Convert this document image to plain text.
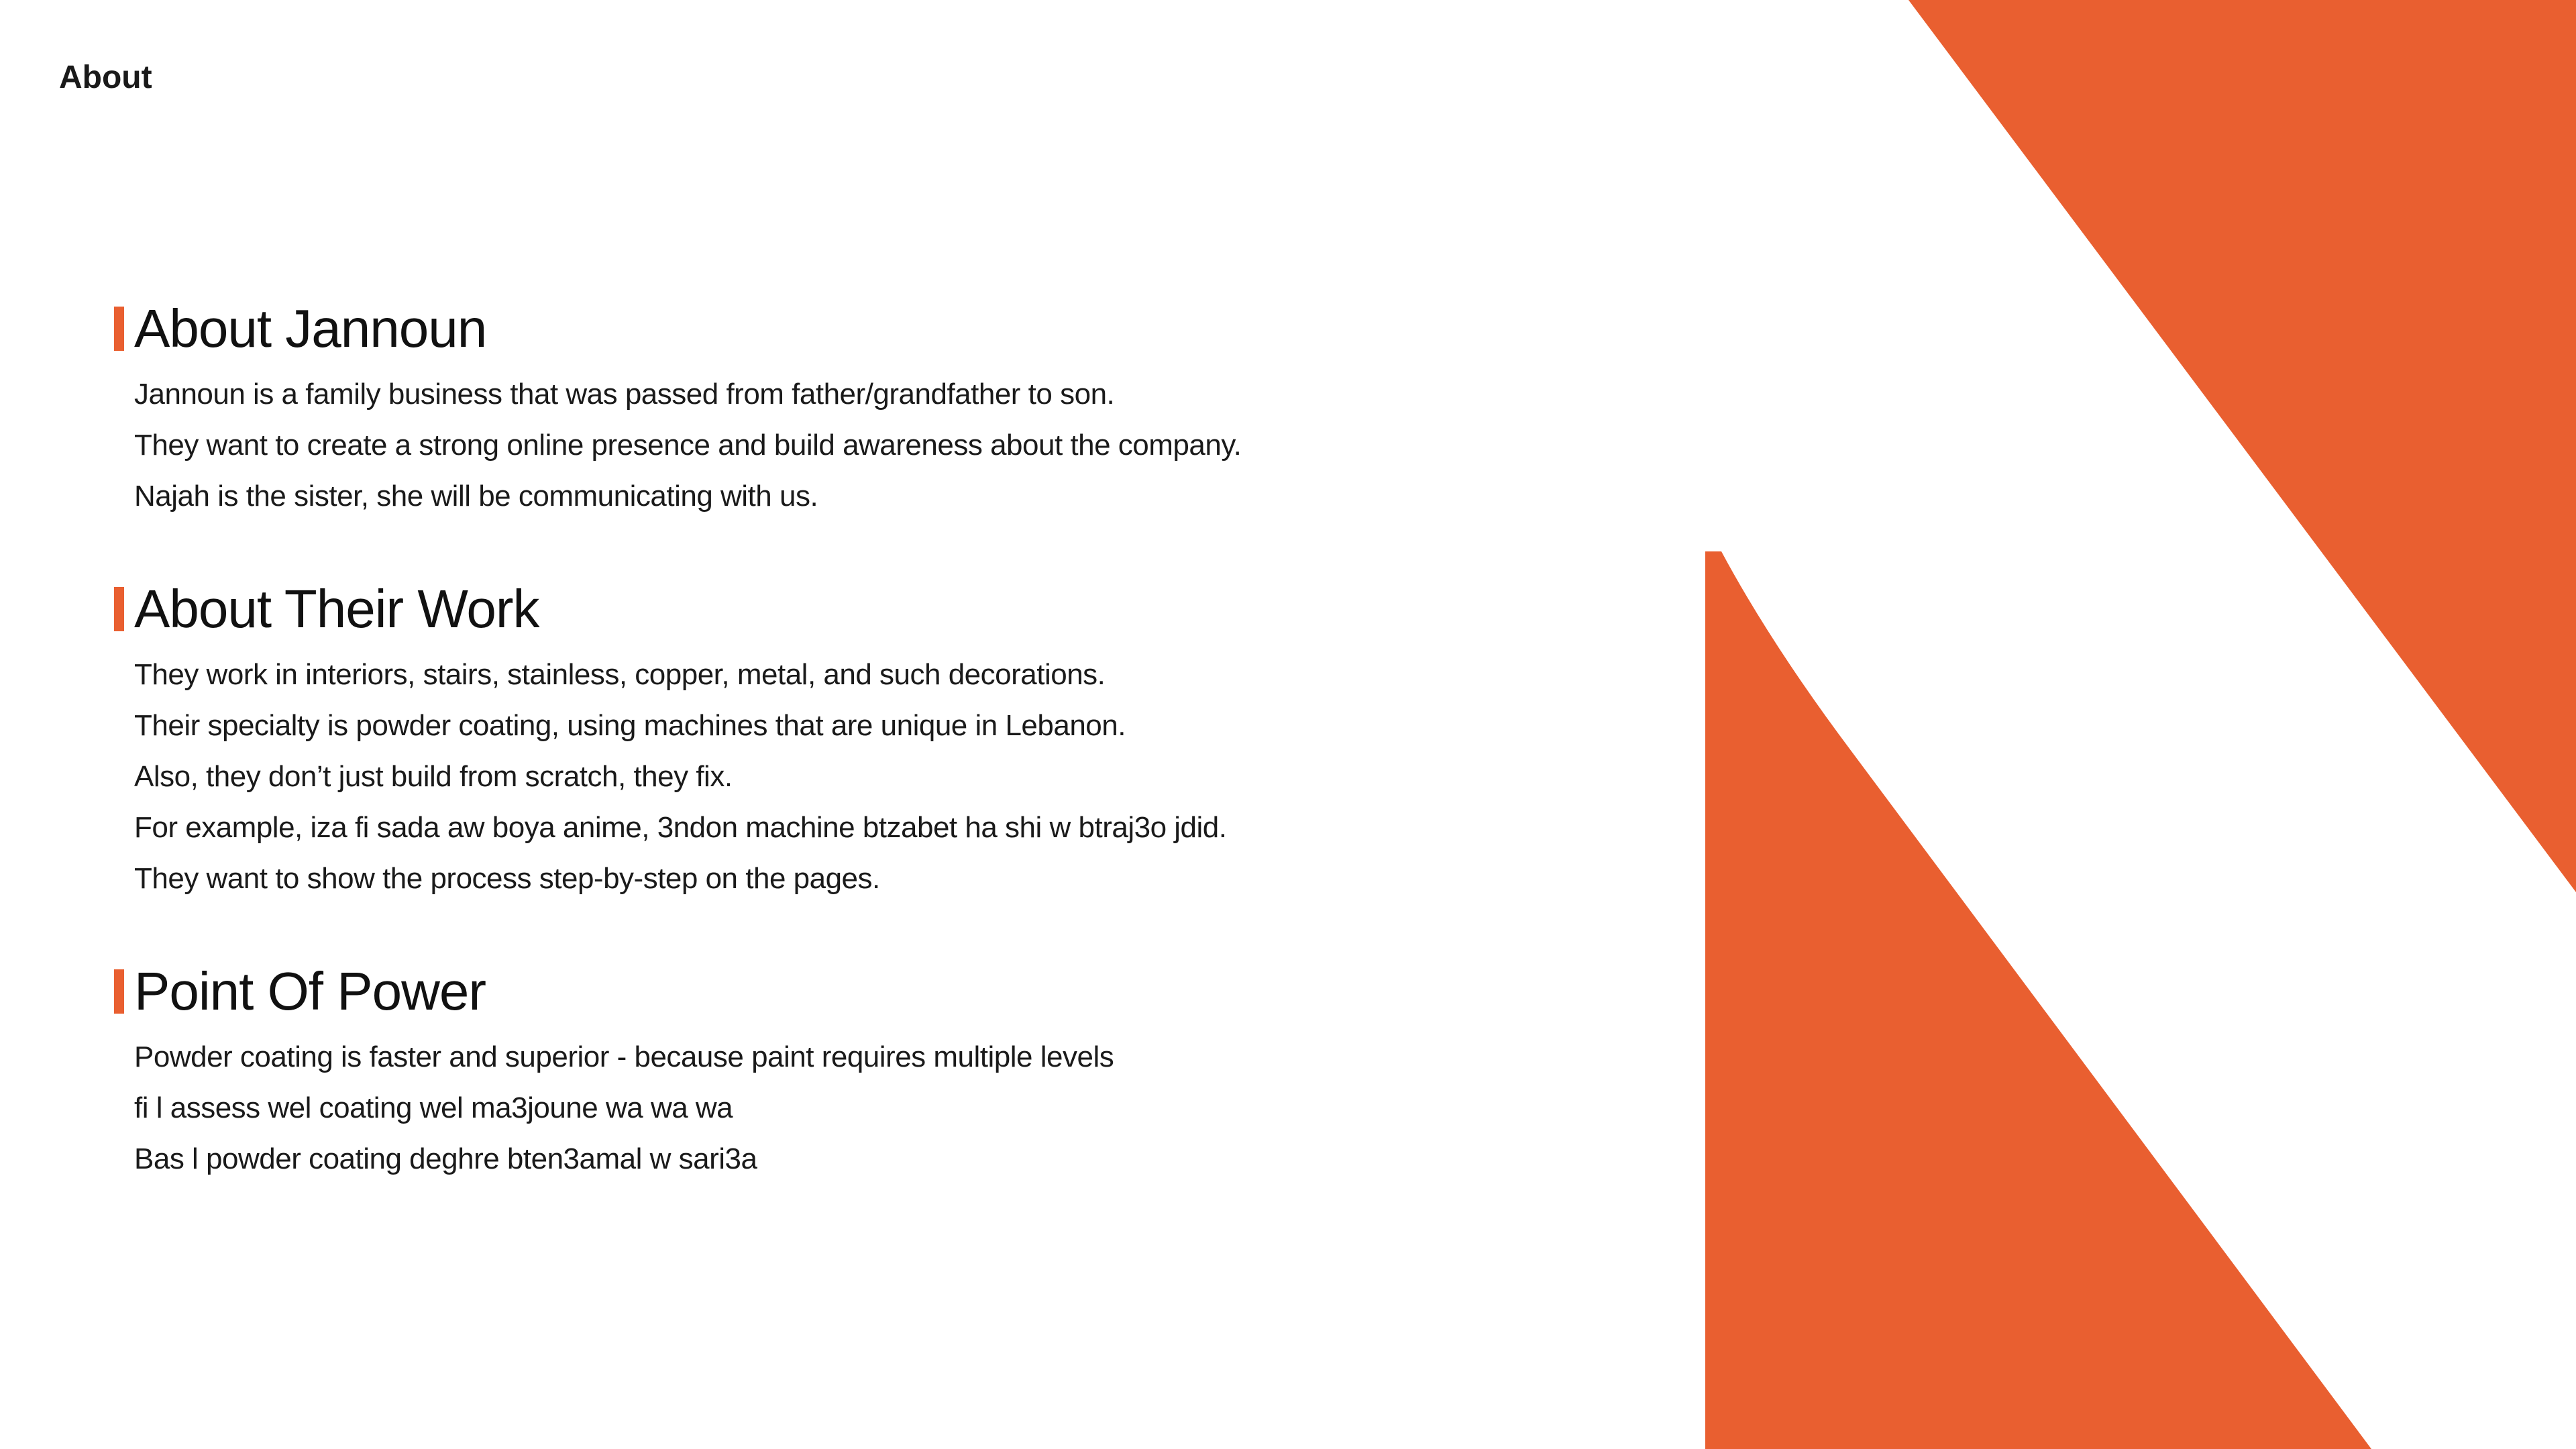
About
About Jannoun
Jannoun is a family business that was passed from father/grandfather to son.
They want to create a strong online presence and build awareness about the company.
Najah is the sister, she will be communicating with us.
About Their Work
They work in interiors, stairs, stainless, copper, metal, and such decorations.
Their specialty is powder coating, using machines that are unique in Lebanon.
Also, they don’t just build from scratch, they fix.
For example, iza fi sada aw boya anime, 3ndon machine btzabet ha shi w btraj3o jdid.
They want to show the process step-by-step on the pages.
Point Of Power
Powder coating is faster and superior - because paint requires multiple levels
fi l assess wel coating wel ma3joune wa wa wa
Bas l powder coating deghre bten3amal w sari3a
